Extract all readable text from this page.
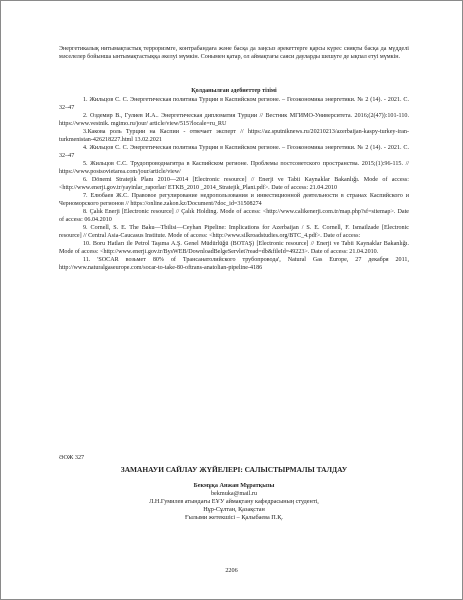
Энергетикалық нитымақтастық терроризмге, контрабандаға және басқа да заңсыз әрекеттерге қарсы күрес сияқты басқа да мүдделі мәселелер бойынша ынтымақтастыққа әкелуі мүмкін. Сонымен қатар, ол аймақтағы саяси дауларды шешуге де ықпал етуі мүмкін.

Қолданылған әдебиеттер тізімі

1. Жильцов С. С. Энергетическая политика Турции в Каспийском регионе. – Геоэкономика энергетики. № 2 (14). - 2021. С. 32–47

2. Оздемир В., Гулиев И.А.. Энергетическая дипломатия Турции // Вестник МГИМО-Университета. 2016;(2(47)):101-110. https://www.vestnik. mgimo.ru/jour/ article/view/515?locale=ru_RU

3.Какова роль Турции на Каспии - отвечает эксперт // https://az.sputniknews.ru/20210213/azerbaijan-kaspy-turkey-iran-turkmenistan-426218227.html 13.02.2021

4. Жильцов С. С. Энергетическая политика Турции в Каспийском регионе. – Геоэкономика энергетики. № 2 (14). - 2021. С. 32–47

5. Жильцов С.С. Трудопроводнагитра в Каспийском регионе. Проблемы постсоветского пространства. 2015;(1):96-115. // https://www.postsovietarea.com/jour/article/view/

6. Dönemi Stratejik Planı 2010—2014 [Electronic resource] // Enerji ve Tabii Kaynaklar Bakanlığı. Mode of access: <http://www.enerji.gov.tr/yayinlar_raporlar/ ETKB_2010 _2014_Stratejik_Plani.pdf>. Date of access: 21.04.2010

7. Елюбаев Ж.С. Правовое регулирование недропользования и инвестиционной деятельности в странах Каспийского и Черноморского регионов // https://online.zakon.kz/Document/?doc_id=31508274

8. Çalık Enerji [Electronic resource] // Çalık Holding. Mode of access: <http://www.calikenerji.com.tr/map.php?sf=sitemap>. Date of access: 06.04.2010

9. Cornell, S. E. The Baku—Tbilisi—Ceyhan Pipeline: Implications for Azerbaijan / S. E. Cornell, F. Ismailzade [Electronic resource] // Central Asia-Caucasus Institute. Mode of access: <http://www.silkroadstudies.org/BTC_4.pdf>. Date of access:

10. Boru Hatları ile Petrol Taşıma A.Ş. Genel Müdürlüğü (BOTAŞ) [Electronic resource] // Enerji ve Tabii Kaynaklar Bakanlığı. Mode of access: <http://www.enerji.gov.tr/BysWEB/DownloadBelgeServlet?read=db&fileId=49223>. Date of access: 21.04.2010.

11. 'SOCAR возьмет 80% of Трансанатолийского трубопровода', Natural Gas Europe, 27 декабря 2011, http://www.naturalgaseurope.com/socar-to-take-80-oftrans-anatolian-pipeline-4186

ӘОЖ 327
ЗАМАНАУИ САЙЛАУ ЖҮЙЕЛЕРІ: САЛЫСТЫРМАЛЫ ТАЛДАУ
Бекмұқа Анжан Мұратқызы
bekmuka@mail.ru
Л.Н.Гумилев атындағы ЕҰУ аймақтану кафедрасының студенті,
Нұр-Сұлтан, Қазақстан
Ғылыми жетекшісі – Қалыбаева П.Қ.
2206
